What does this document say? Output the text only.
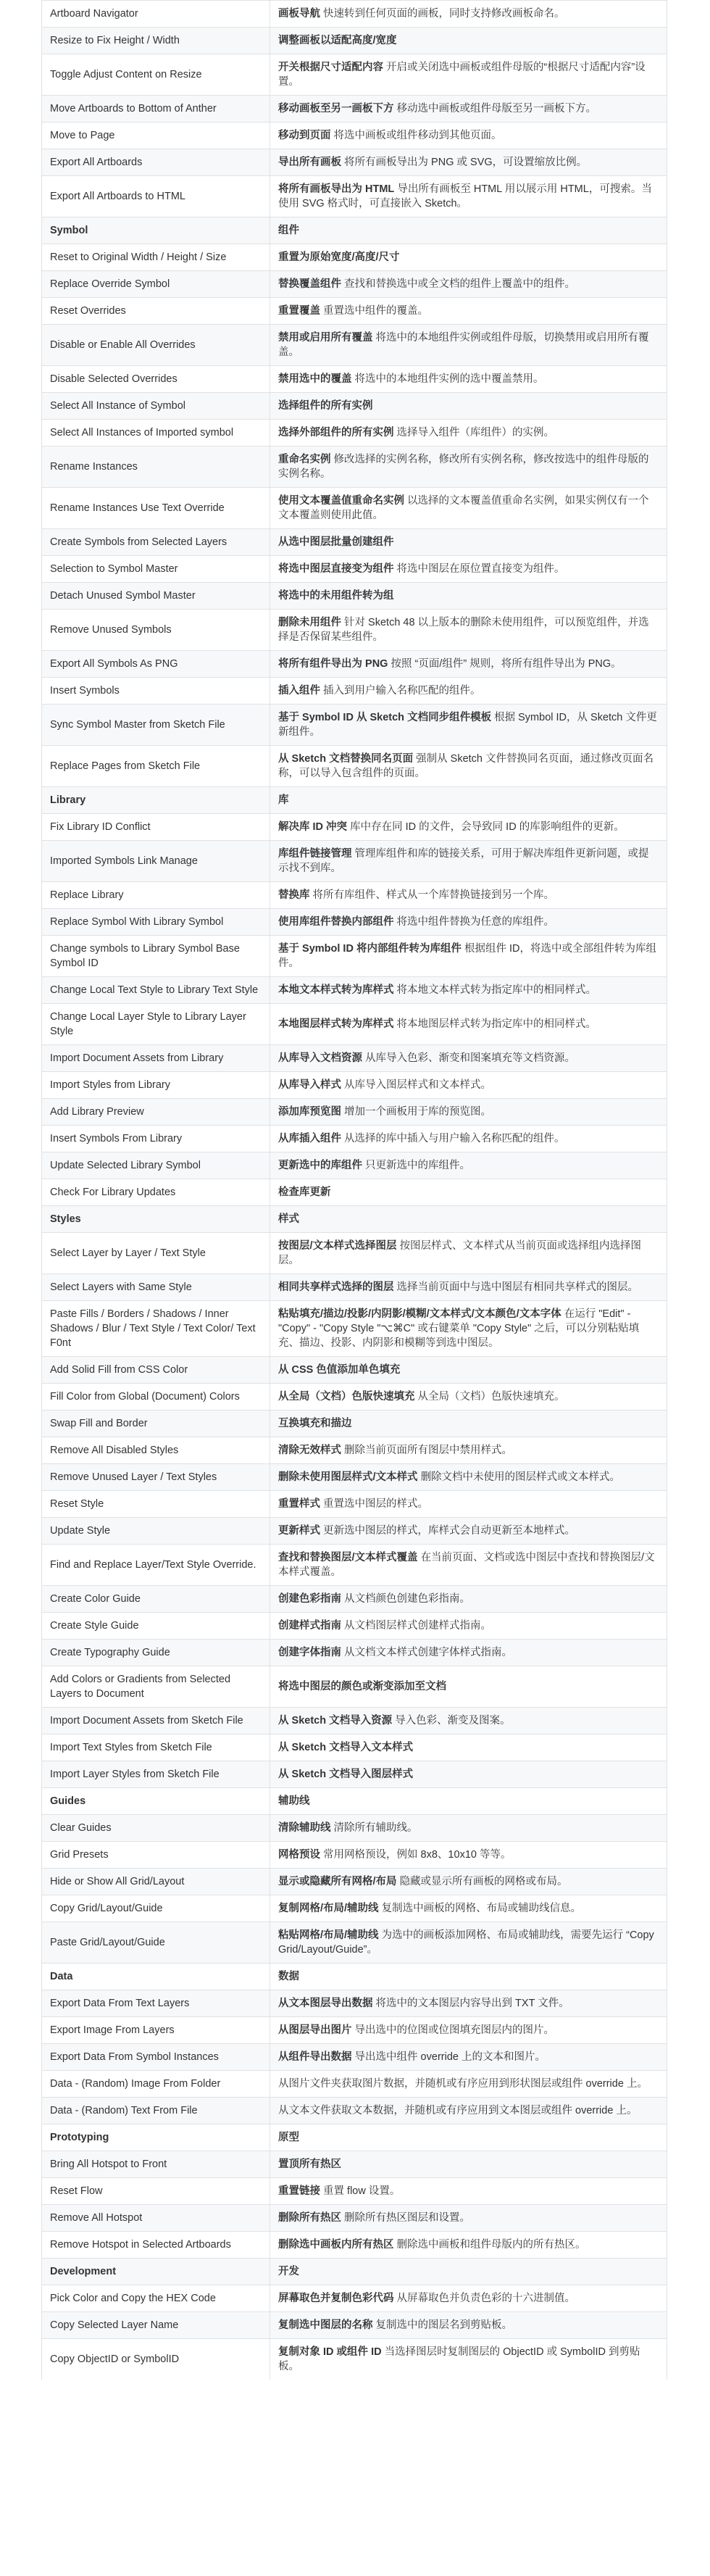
Artboard Navigator	画板导航 快速转到任何页面的画板，同时支持修改画板命名。
Resize to Fix Height / Width	调整画板以适配高度/宽度
Toggle Adjust Content on Resize	开关根据尺寸适配内容 开启或关闭选中画板或组件母版的“根据尺寸适配内容”设置。
Move Artboards to Bottom of Anther	移动画板至另一画板下方 移动选中画板或组件母版至另一画板下方。
Move to Page	移动到页面 将选中画板或组件移动到其他页面。
Export All Artboards	导出所有画板 将所有画板导出为 PNG 或 SVG，可设置缩放比例。
Export All Artboards to HTML	将所有画板导出为 HTML 导出所有画板至 HTML 用以展示用 HTML，可搜索。当使用 SVG 格式时，可直接嵌入 Sketch。
Symbol	组件
Reset to Original Width / Height / Size	重置为原始宽度/高度/尺寸
Replace Override Symbol	替换覆盖组件 查找和替换选中或全文档的组件上覆盖中的组件。
Reset Overrides	重置覆盖 重置选中组件的覆盖。
Disable or Enable All Overrides	禁用或启用所有覆盖 将选中的本地组件实例或组件母版，切换禁用或启用所有覆盖。
Disable Selected Overrides	禁用选中的覆盖 将选中的本地组件实例的选中覆盖禁用。
Select All Instance of Symbol	选择组件的所有实例
Select All Instances of Imported symbol	选择外部组件的所有实例 选择导入组件（库组件）的实例。
Rename Instances	重命名实例 修改选择的实例名称，修改所有实例名称，修改按选中的组件母版的实例名称。
Rename Instances Use Text Override	使用文本覆盖值重命名实例 以选择的文本覆盖值重命名实例，如果实例仅有一个文本覆盖则使用此值。
Create Symbols from Selected Layers	从选中图层批量创建组件
Selection to Symbol Master	将选中图层直接变为组件 将选中图层在原位置直接变为组件。
Detach Unused Symbol Master	将选中的未用组件转为组
Remove Unused Symbols	删除未用组件 针对 Sketch 48 以上版本的删除未使用组件，可以预览组件，并选择是否保留某些组件。
Export All Symbols As PNG	将所有组件导出为 PNG 按照 “页面/组件” 规则，将所有组件导出为 PNG。
Insert Symbols	插入组件 插入到用户输入名称匹配的组件。
Sync Symbol Master from Sketch File	基于 Symbol ID 从 Sketch 文档同步组件模板 根据 Symbol ID，从 Sketch 文件更新组件。
Replace Pages from Sketch File	从 Sketch 文档替换同名页面 强制从 Sketch 文件替换同名页面，通过修改页面名称，可以导入包含组件的页面。
Library	库
Fix Library ID Conflict	解决库 ID 冲突 库中存在同 ID 的文件，会导致同 ID 的库影响组件的更新。
Imported Symbols Link Manage	库组件链接管理 管理库组件和库的链接关系，可用于解决库组件更新问题，或提示找不到库。
Replace Library	替换库 将所有库组件、样式从一个库替换链接到另一个库。
Replace Symbol With Library Symbol	使用库组件替换内部组件 将选中组件替换为任意的库组件。
Change symbols to Library Symbol Base Symbol ID	基于 Symbol ID 将内部组件转为库组件 根据组件 ID，将选中或全部组件转为库组件。
Change Local Text Style to Library Text Style	本地文本样式转为库样式 将本地文本样式转为指定库中的相同样式。
Change Local Layer Style to Library Layer Style	本地图层样式转为库样式 将本地图层样式转为指定库中的相同样式。
Import Document Assets from Library	从库导入文档资源 从库导入色彩、渐变和图案填充等文档资源。
Import Styles from Library	从库导入样式 从库导入图层样式和文本样式。
Add Library Preview	添加库预览图 增加一个画板用于库的预览图。
Insert Symbols From Library	从库插入组件 从选择的库中插入与用户输入名称匹配的组件。
Update Selected Library Symbol	更新选中的库组件 只更新选中的库组件。
Check For Library Updates	检查库更新
Styles	样式
Select Layer by Layer / Text Style	按图层/文本样式选择图层 按图层样式、文本样式从当前页面或选择组内选择图层。
Select Layers with Same Style	相同共享样式选择的图层 选择当前页面中与选中图层有相同共享样式的图层。
Paste Fills / Borders / Shadows / Inner Shadows / Blur / Text Style / Text Color/ Text F0nt	粘贴填充/描边/投影/内阴影/模糊/文本样式/文本颜色/文本字体 在运行 "Edit" - "Copy" - "Copy Style "⌥⌘C" 或右键菜单 "Copy Style" 之后，可以分别粘贴填充、描边、投影、内阴影和模糊等到选中图层。
Add Solid Fill from CSS Color	从 CSS 色值添加单色填充
Fill Color from Global (Document) Colors	从全局（文档）色版快速填充 从全局（文档）色版快速填充。
Swap Fill and Border	互换填充和描边
Remove All Disabled Styles	清除无效样式 删除当前页面所有图层中禁用样式。
Remove Unused Layer / Text Styles	删除未使用图层样式/文本样式 删除文档中未使用的图层样式或文本样式。
Reset Style	重置样式 重置选中图层的样式。
Update Style	更新样式 更新选中图层的样式，库样式会自动更新至本地样式。
Find and Replace Layer/Text Style Override.	查找和替换图层/文本样式覆盖 在当前页面、文档或选中图层中查找和替换图层/文本样式覆盖。
Create Color Guide	创建色彩指南 从文档颜色创建色彩指南。
Create Style Guide	创建样式指南 从文档图层样式创建样式指南。
Create Typography Guide	创建字体指南 从文档文本样式创建字体样式指南。
Add Colors or Gradients from Selected Layers to Document	将选中图层的颜色或渐变添加至文档
Import Document Assets from Sketch File	从 Sketch 文档导入资源 导入色彩、渐变及图案。
Import Text Styles from Sketch File	从 Sketch 文档导入文本样式
Import Layer Styles from Sketch File	从 Sketch 文档导入图层样式
Guides	辅助线
Clear Guides	清除辅助线 清除所有辅助线。
Grid Presets	网格预设 常用网格预设，例如 8x8、10x10 等等。
Hide or Show All Grid/Layout	显示或隐藏所有网格/布局 隐藏或显示所有画板的网格或布局。
Copy Grid/Layout/Guide	复制网格/布局/辅助线 复制选中画板的网格、布局或辅助线信息。
Paste Grid/Layout/Guide	粘贴网格/布局/辅助线 为选中的画板添加网格、布局或辅助线，需要先运行 “Copy Grid/Layout/Guide”。
Data	数据
Export Data From Text Layers	从文本图层导出数据 将选中的文本图层内容导出到 TXT 文件。
Export Image From Layers	从图层导出图片 导出选中的位图或位图填充图层内的图片。
Export Data From Symbol Instances	从组件导出数据 导出选中组件 override 上的文本和图片。
Data - (Random) Image From Folder	从图片文件夹获取图片数据，并随机或有序应用到形状图层或组件 override 上。
Data - (Random) Text From File	从文本文件获取文本数据，并随机或有序应用到文本图层或组件 override 上。
Prototyping	原型
Bring All Hotspot to Front	置顶所有热区
Reset Flow	重置链接 重置 flow 设置。
Remove All Hotspot	删除所有热区 删除所有热区图层和设置。
Remove Hotspot in Selected Artboards	删除选中画板内所有热区 删除选中画板和组件母版内的所有热区。
Development	开发
Pick Color and Copy the HEX Code	屏幕取色并复制色彩代码 从屏幕取色并负责色彩的十六进制值。
Copy Selected Layer Name	复制选中图层的名称 复制选中的图层名到剪贴板。
Copy ObjectID or SymbolID	复制对象 ID 或组件 ID 当选择图层时复制图层的 ObjectID 或 SymbolID 到剪贴板。
